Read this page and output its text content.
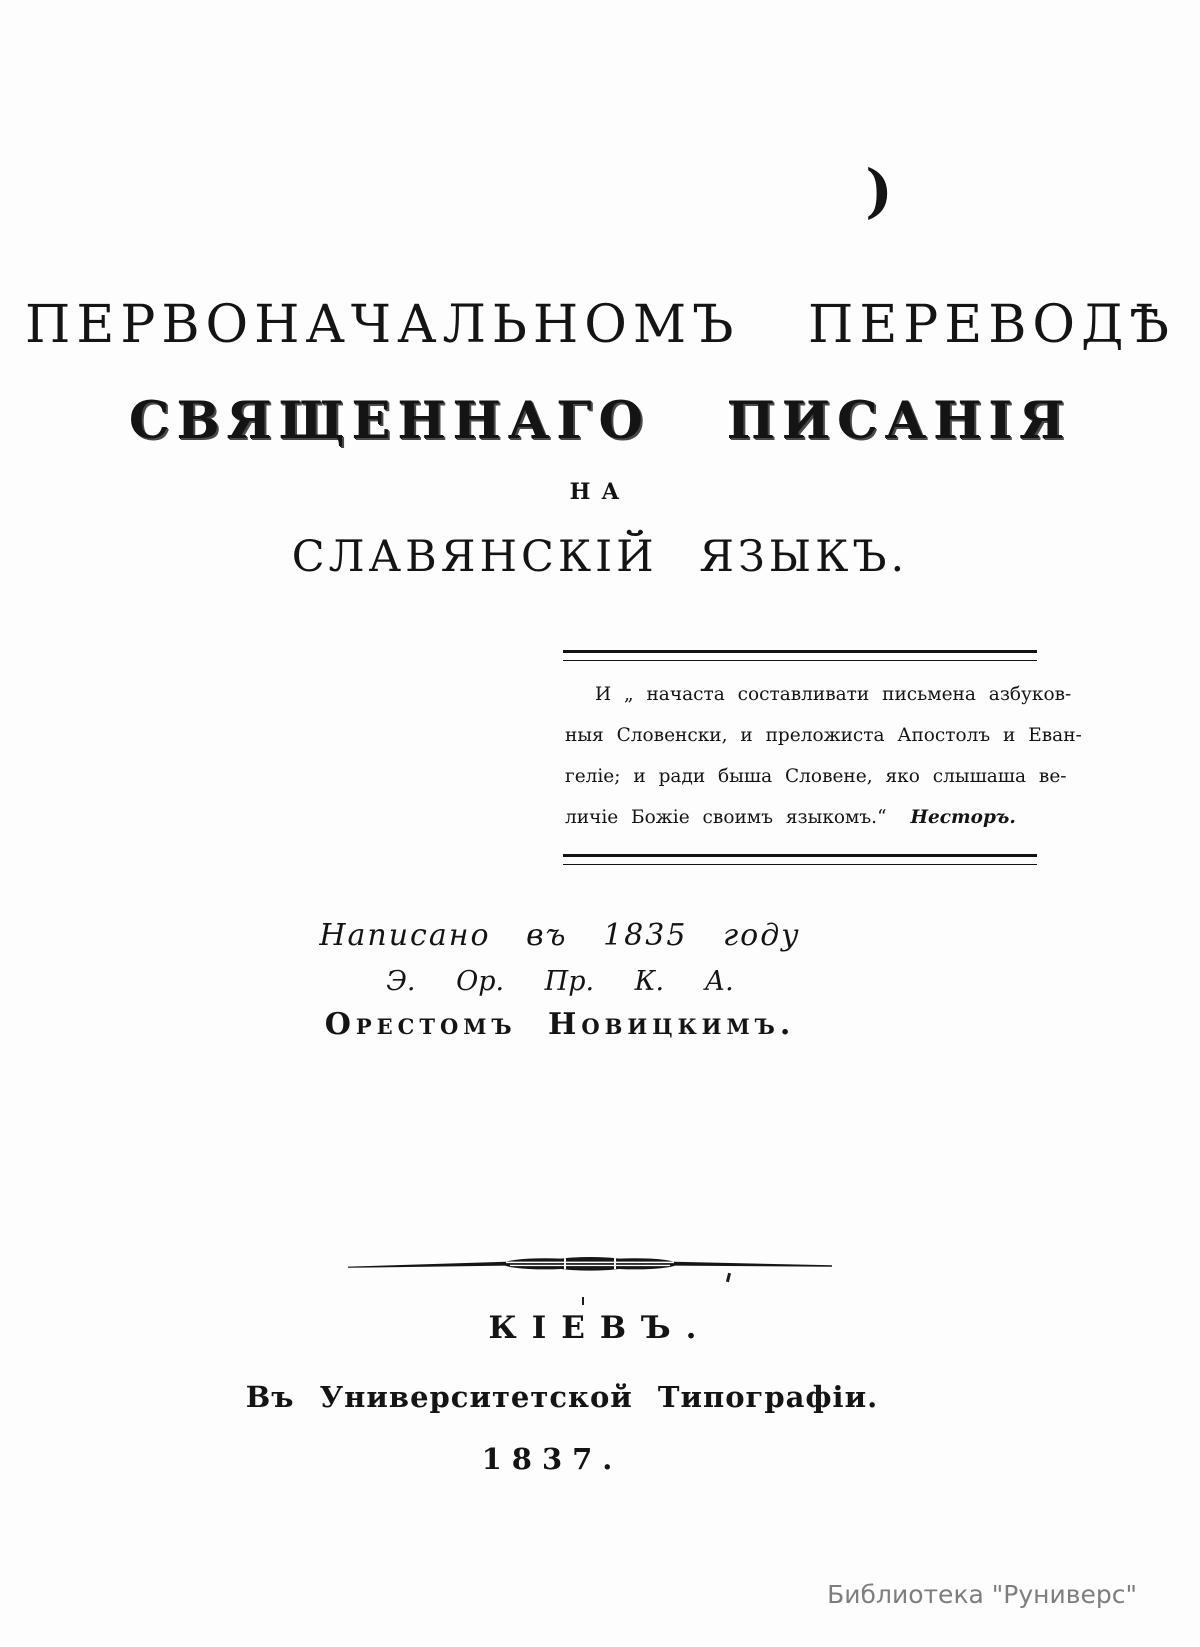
)
ПЕРВОНАЧАЛЬНОМЪ ПЕРЕВОДѢ
СВЯЩЕННАГО ПИСАНІЯ
НА
СЛАВЯНСКІЙ ЯЗЫКЪ.
И „ начаста составливати письмена азбуков-
ныя Словенски, и преложиста Апостолъ и Еван-
геліе; и ради быша Словене, яко слышаша ве-
личіе Божіе своимъ языкомъ.“ Несторъ.
Написано въ 1835 году
Э. Ор. Пр. К. А.
Орестомъ Новицкимъ.
КІЕВЪ.
Въ Университетской Типографіи.
1837.
Библиотека "Руниверс"
